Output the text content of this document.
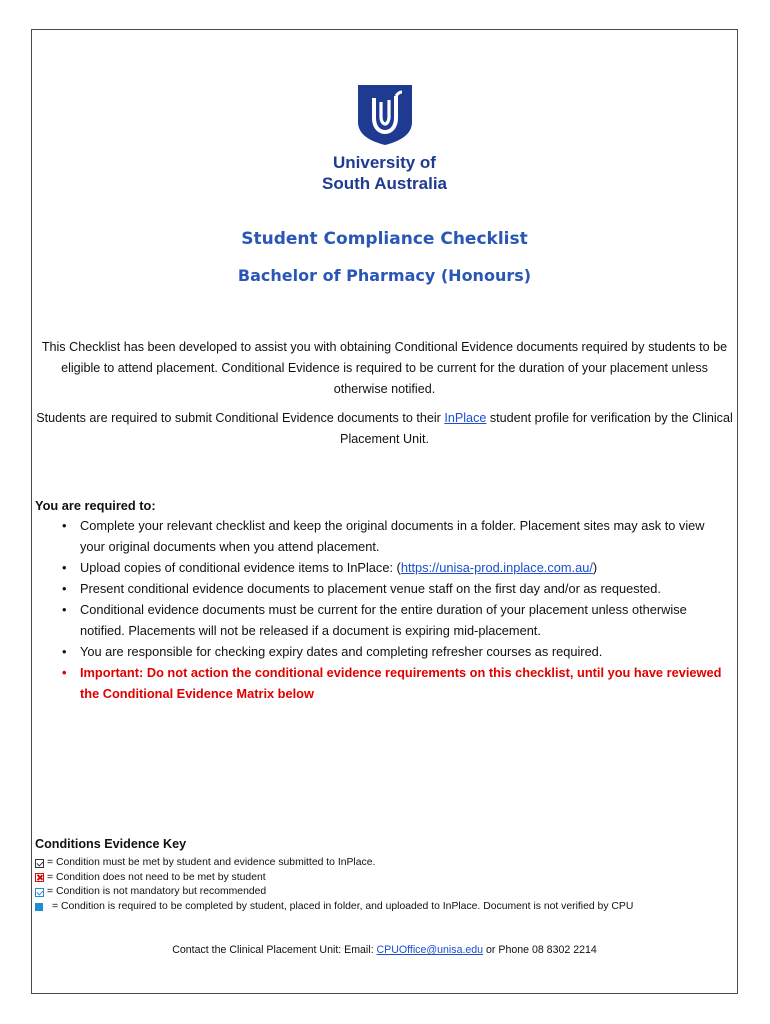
University of
South Australia
Student Compliance Checklist
Bachelor of Pharmacy (Honours)
This Checklist has been developed to assist you with obtaining Conditional Evidence documents required by students to be eligible to attend placement. Conditional Evidence is required to be current for the duration of your placement unless otherwise notified.
Students are required to submit Conditional Evidence documents to their InPlace student profile for verification by the Clinical Placement Unit.
You are required to:
• Complete your relevant checklist and keep the original documents in a folder. Placement sites may ask to view your original documents when you attend placement.
• Upload copies of conditional evidence items to InPlace: (https://unisa-prod.inplace.com.au/)
• Present conditional evidence documents to placement venue staff on the first day and/or as requested.
• Conditional evidence documents must be current for the entire duration of your placement unless otherwise notified. Placements will not be released if a document is expiring mid-placement.
• You are responsible for checking expiry dates and completing refresher courses as required.
• Important: Do not action the conditional evidence requirements on this checklist, until you have reviewed the Conditional Evidence Matrix below
Conditions Evidence Key
= Condition must be met by student and evidence submitted to InPlace.
= Condition does not need to be met by student
= Condition is not mandatory but recommended
= Condition is required to be completed by student, placed in folder, and uploaded to InPlace. Document is not verified by CPU
Contact the Clinical Placement Unit: Email: CPUOffice@unisa.edu or Phone 08 8302 2214
